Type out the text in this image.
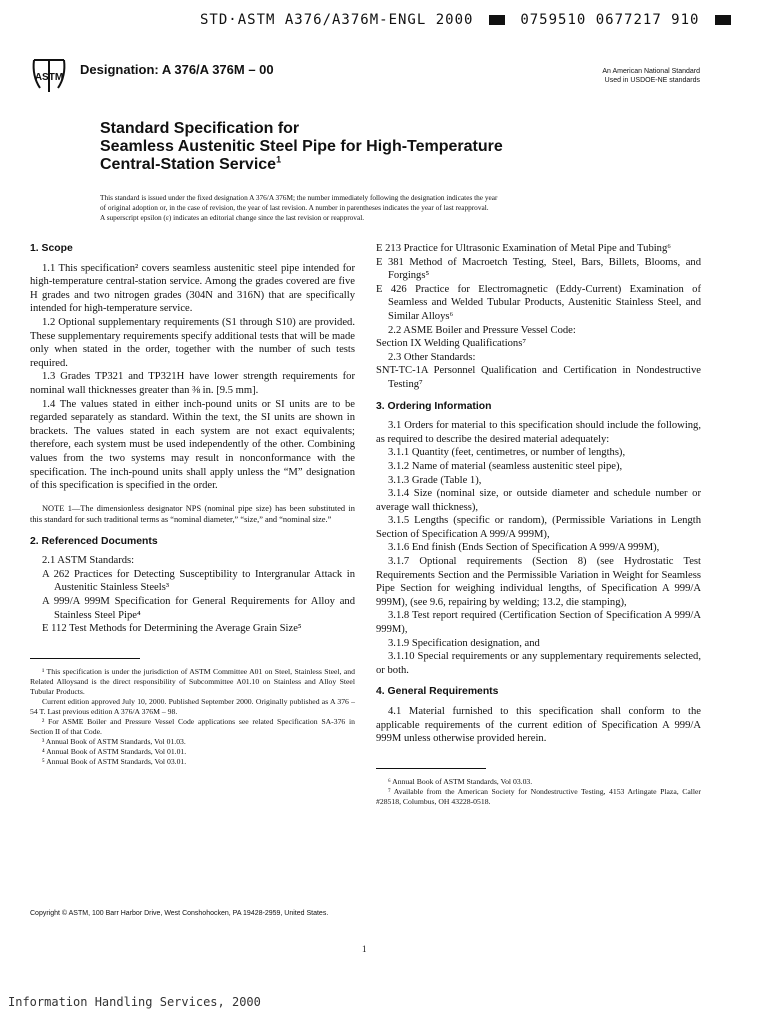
STD·ASTM A376/A376M-ENGL 2000	0759510 0677217 910
ASTM
Designation: A 376/A 376M – 00	An American National Standard
Used in USDOE-NE standards
Standard Specification for
Seamless Austenitic Steel Pipe for High-Temperature
Central-Station Service$^1$

This standard is issued under the fixed designation A 376/A 376M; the number immediately following the designation indicates the year

of original adoption or, in the case of revision, the year of last revision. A number in parentheses indicates the year of last reapproval.

A superscript epsilon (ε) indicates an editorial change since the last revision or reapproval.

1. Scope

1.1 This specification² covers seamless austenitic steel pipe intended for high-temperature central-station service. Among the grades covered are five H grades and two nitrogen grades (304N and 316N) that are specifically intended for high-temperature service.

1.2 Optional supplementary requirements (S1 through S10) are provided. These supplementary requirements specify additional tests that will be made only when stated in the order, together with the number of such tests required.

1.3 Grades TP321 and TP321H have lower strength requirements for nominal wall thicknesses greater than ⅜ in. [9.5 mm].

1.4 The values stated in either inch-pound units or SI units are to be regarded separately as standard. Within the text, the SI units are shown in brackets. The values stated in each system are not exact equivalents; therefore, each system must be used independently of the other. Combining values from the two systems may result in nonconformance with the specification. The inch-pound units shall apply unless the “M” designation of this specification is specified in the order.

NOTE 1—The dimensionless designator NPS (nominal pipe size) has been substituted in this standard for such traditional terms as “nominal diameter,” “size,” and “nominal size.”

2. Referenced Documents

2.1 ASTM Standards:

A 262 Practices for Detecting Susceptibility to Intergranular Attack in Austenitic Stainless Steels³

A 999/A 999M Specification for General Requirements for Alloy and Stainless Steel Pipe⁴

E 112 Test Methods for Determining the Average Grain Size⁵

¹ This specification is under the jurisdiction of ASTM Committee A01 on Steel, Stainless Steel, and Related Alloysand is the direct responsibility of Subcommittee A01.10 on Stainless and Alloy Steel Tubular Products.

Current edition approved July 10, 2000. Published September 2000. Originally published as A 376 – 54 T. Last previous edition A 376/A 376M – 98.

² For ASME Boiler and Pressure Vessel Code applications see related Specification SA-376 in Section II of that Code.

³ Annual Book of ASTM Standards, Vol 01.03.

⁴ Annual Book of ASTM Standards, Vol 01.01.

⁵ Annual Book of ASTM Standards, Vol 03.01.

E 213 Practice for Ultrasonic Examination of Metal Pipe and Tubing⁶

E 381 Method of Macroetch Testing, Steel, Bars, Billets, Blooms, and Forgings⁵

E 426 Practice for Electromagnetic (Eddy-Current) Examination of Seamless and Welded Tubular Products, Austenitic Stainless Steel, and Similar Alloys⁶

2.2 ASME Boiler and Pressure Vessel Code:

Section IX Welding Qualifications⁷

2.3 Other Standards:

SNT-TC-1A Personnel Qualification and Certification in Nondestructive Testing⁷

3. Ordering Information

3.1 Orders for material to this specification should include the following, as required to describe the desired material adequately:

3.1.1 Quantity (feet, centimetres, or number of lengths),

3.1.2 Name of material (seamless austenitic steel pipe),

3.1.3 Grade (Table 1),

3.1.4 Size (nominal size, or outside diameter and schedule number or average wall thickness),

3.1.5 Lengths (specific or random), (Permissible Variations in Length Section of Specification A 999/A 999M),

3.1.6 End finish (Ends Section of Specification A 999/A 999M),

3.1.7 Optional requirements (Section 8) (see Hydrostatic Test Requirements Section and the Permissible Variation in Weight for Seamless Pipe Section for weighing individual lengths, of Specification A 999/A 999M), (see 9.6, repairing by welding; 13.2, die stamping),

3.1.8 Test report required (Certification Section of Specification A 999/A 999M),

3.1.9 Specification designation, and

3.1.10 Special requirements or any supplementary requirements selected, or both.

4. General Requirements

4.1 Material furnished to this specification shall conform to the applicable requirements of the current edition of Specification A 999/A 999M unless otherwise provided herein.

⁶ Annual Book of ASTM Standards, Vol 03.03.

⁷ Available from the American Society for Nondestructive Testing, 4153 Arlingate Plaza, Caller #28518, Columbus, OH 43228-0518.

Copyright © ASTM, 100 Barr Harbor Drive, West Conshohocken, PA 19428-2959, United States.
1
Information Handling Services, 2000
